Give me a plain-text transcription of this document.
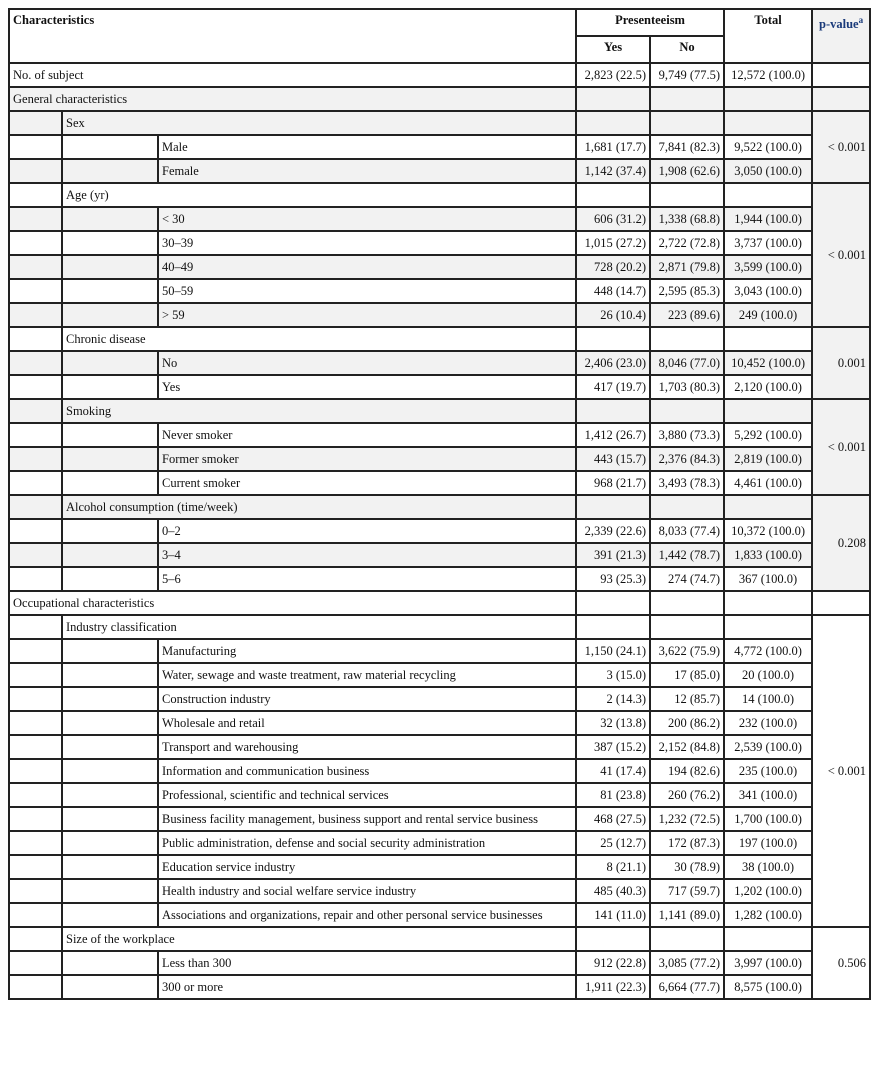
Characteristics			Presenteeism		Total	p-value$^a$
			Yes	No		
No. of subject			2,823 (22.5)	9,749 (77.5)	12,572 (100.0)	
General characteristics						
	Sex					< 0.001
		Male	1,681 (17.7)	7,841 (82.3)	9,522 (100.0)	
		Female	1,142 (37.4)	1,908 (62.6)	3,050 (100.0)	
	Age (yr)					< 0.001
		< 30	606 (31.2)	1,338 (68.8)	1,944 (100.0)	
		30–39	1,015 (27.2)	2,722 (72.8)	3,737 (100.0)	
		40–49	728 (20.2)	2,871 (79.8)	3,599 (100.0)	
		50–59	448 (14.7)	2,595 (85.3)	3,043 (100.0)	
		> 59	26 (10.4)	223 (89.6)	249 (100.0)	
	Chronic disease					0.001
		No	2,406 (23.0)	8,046 (77.0)	10,452 (100.0)	
		Yes	417 (19.7)	1,703 (80.3)	2,120 (100.0)	
	Smoking					< 0.001
		Never smoker	1,412 (26.7)	3,880 (73.3)	5,292 (100.0)	
		Former smoker	443 (15.7)	2,376 (84.3)	2,819 (100.0)	
		Current smoker	968 (21.7)	3,493 (78.3)	4,461 (100.0)	
	Alcohol consumption (time/week)					0.208
		0–2	2,339 (22.6)	8,033 (77.4)	10,372 (100.0)	
		3–4	391 (21.3)	1,442 (78.7)	1,833 (100.0)	
		5–6	93 (25.3)	274 (74.7)	367 (100.0)	
Occupational characteristics						
	Industry classification					< 0.001
		Manufacturing	1,150 (24.1)	3,622 (75.9)	4,772 (100.0)	
		Water, sewage and waste treatment, raw material recycling	3 (15.0)	17 (85.0)	20 (100.0)	
		Construction industry	2 (14.3)	12 (85.7)	14 (100.0)	
		Wholesale and retail	32 (13.8)	200 (86.2)	232 (100.0)	
		Transport and warehousing	387 (15.2)	2,152 (84.8)	2,539 (100.0)	
		Information and communication business	41 (17.4)	194 (82.6)	235 (100.0)	
		Professional, scientific and technical services	81 (23.8)	260 (76.2)	341 (100.0)	
		Business facility management, business support and rental service business	468 (27.5)	1,232 (72.5)	1,700 (100.0)	
		Public administration, defense and social security administration	25 (12.7)	172 (87.3)	197 (100.0)	
		Education service industry	8 (21.1)	30 (78.9)	38 (100.0)	
		Health industry and social welfare service industry	485 (40.3)	717 (59.7)	1,202 (100.0)	
		Associations and organizations, repair and other personal service businesses	141 (11.0)	1,141 (89.0)	1,282 (100.0)	
	Size of the workplace					0.506
		Less than 300	912 (22.8)	3,085 (77.2)	3,997 (100.0)	
		300 or more	1,911 (22.3)	6,664 (77.7)	8,575 (100.0)	
